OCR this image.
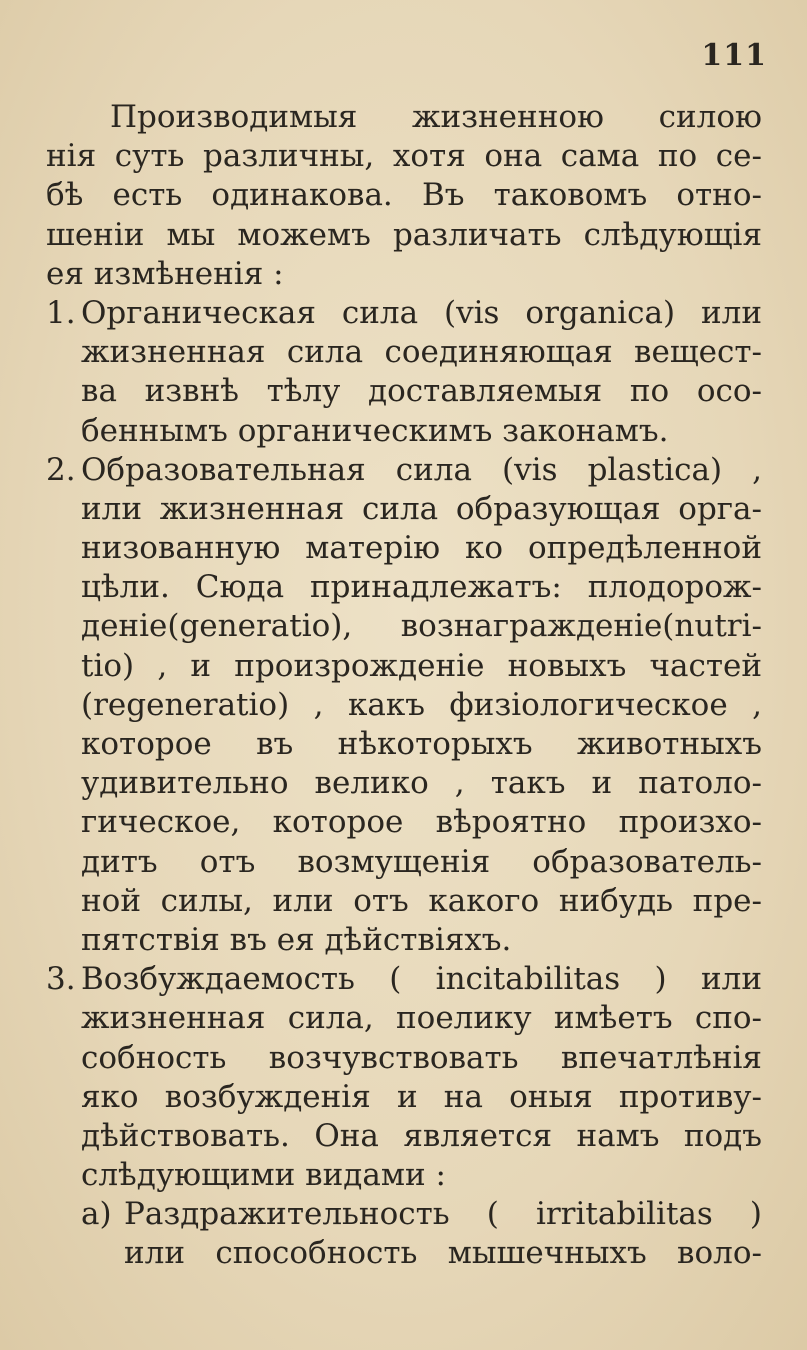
111
Производимыя жизненною силою
нія суть различны, хотя она сама по се-
бѣ есть одинакова. Въ таковомъ отно-
шеніи мы можемъ различать слѣдующія
ея измѣненія :
1. Органическая сила (vis organica) или
жизненная сила соединяющая вещест-
ва извнѣ тѣлу доставляемыя по осо-
беннымъ органическимъ законамъ.
2. Образовательная сила (vis plastica) ,
или жизненная сила образующая орга-
низованную матерію ко опредѣленной
цѣли. Сюда принадлежатъ: плодорож-
деніе(generatio), вознагражденіе(nutri-
tio) , и произрожденіе новыхъ частей
(regeneratio) , какъ физіологическое ,
которое въ нѣкоторыхъ животныхъ
удивительно велико , такъ и патоло-
гическое, которое вѣроятно произхо-
дитъ отъ возмущенія образователь-
ной силы, или отъ какого нибудь пре-
пятствія въ ея дѣйствіяхъ.
3. Возбуждаемость ( incitabilitas ) или
жизненная сила, поелику имѣетъ спо-
собность возчувствовать впечатлѣнія
яко возбужденія и на оныя противу-
дѣйствовать. Она является намъ подъ
слѣдующими видами :
a) Раздражительность ( irritabilitas )
или способность мышечныхъ воло-
